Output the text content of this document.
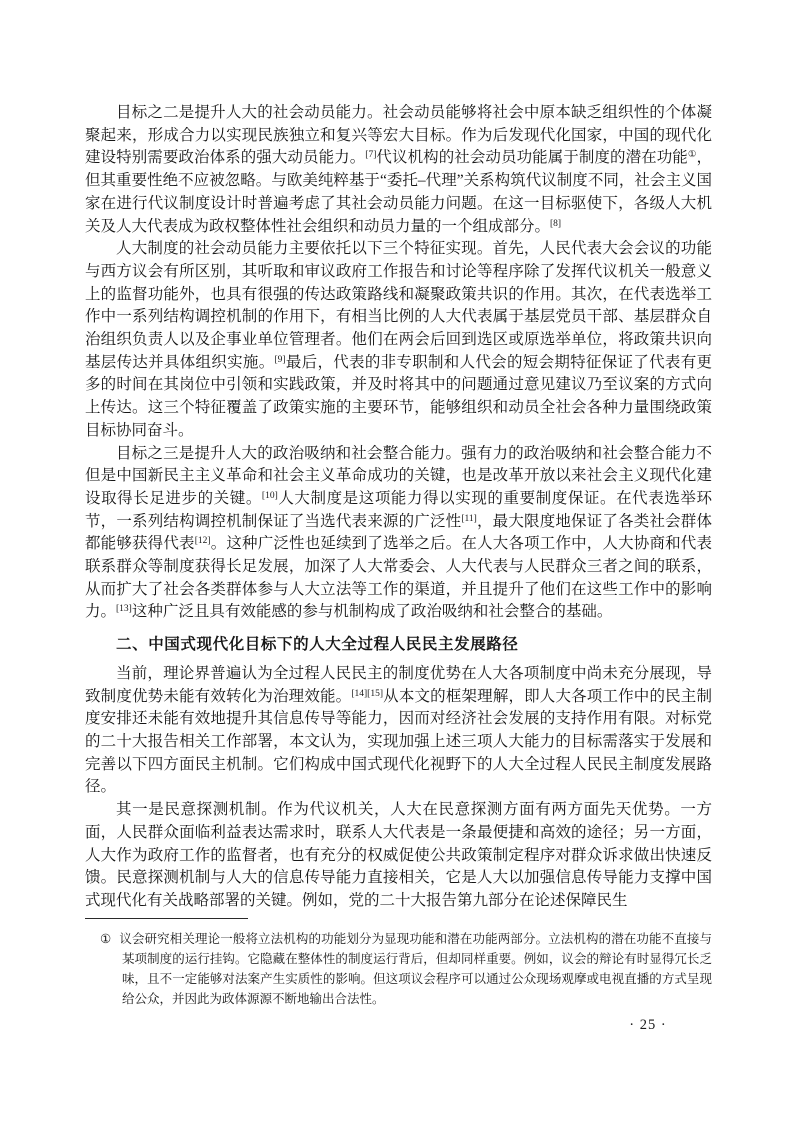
目标之二是提升人大的社会动员能力。社会动员能够将社会中原本缺乏组织性的个体凝聚起来，形成合力以实现民族独立和复兴等宏大目标。作为后发现代化国家，中国的现代化建设特别需要政治体系的强大动员能力。[7]代议机构的社会动员功能属于制度的潜在功能①，但其重要性绝不应被忽略。与欧美纯粹基于“委托–代理”关系构筑代议制度不同，社会主义国家在进行代议制度设计时普遍考虑了其社会动员能力问题。在这一目标驱使下，各级人大机关及人大代表成为政权整体性社会组织和动员力量的一个组成部分。[8]

人大制度的社会动员能力主要依托以下三个特征实现。首先，人民代表大会会议的功能与西方议会有所区别，其听取和审议政府工作报告和讨论等程序除了发挥代议机关一般意义上的监督功能外，也具有很强的传达政策路线和凝聚政策共识的作用。其次，在代表选举工作中一系列结构调控机制的作用下，有相当比例的人大代表属于基层党员干部、基层群众自治组织负责人以及企事业单位管理者。他们在两会后回到选区或原选举单位，将政策共识向基层传达并具体组织实施。[9]最后，代表的非专职制和人代会的短会期特征保证了代表有更多的时间在其岗位中引领和实践政策，并及时将其中的问题通过意见建议乃至议案的方式向上传达。这三个特征覆盖了政策实施的主要环节，能够组织和动员全社会各种力量围绕政策目标协同奋斗。

目标之三是提升人大的政治吸纳和社会整合能力。强有力的政治吸纳和社会整合能力不但是中国新民主主义革命和社会主义革命成功的关键，也是改革开放以来社会主义现代化建设取得长足进步的关键。[10]人大制度是这项能力得以实现的重要制度保证。在代表选举环节，一系列结构调控机制保证了当选代表来源的广泛性[11]，最大限度地保证了各类社会群体都能够获得代表[12]。这种广泛性也延续到了选举之后。在人大各项工作中，人大协商和代表联系群众等制度获得长足发展，加深了人大常委会、人大代表与人民群众三者之间的联系，从而扩大了社会各类群体参与人大立法等工作的渠道，并且提升了他们在这些工作中的影响力。[13]这种广泛且具有效能感的参与机制构成了政治吸纳和社会整合的基础。

二、中国式现代化目标下的人大全过程人民民主发展路径

当前，理论界普遍认为全过程人民民主的制度优势在人大各项制度中尚未充分展现，导致制度优势未能有效转化为治理效能。[14][15]从本文的框架理解，即人大各项工作中的民主制度安排还未能有效地提升其信息传导等能力，因而对经济社会发展的支持作用有限。对标党的二十大报告相关工作部署，本文认为，实现加强上述三项人大能力的目标需落实于发展和完善以下四方面民主机制。它们构成中国式现代化视野下的人大全过程人民民主制度发展路径。

其一是民意探测机制。作为代议机关，人大在民意探测方面有两方面先天优势。一方面，人民群众面临利益表达需求时，联系人大代表是一条最便捷和高效的途径；另一方面，人大作为政府工作的监督者，也有充分的权威促使公共政策制定程序对群众诉求做出快速反馈。民意探测机制与人大的信息传导能力直接相关，它是人大以加强信息传导能力支撑中国式现代化有关战略部署的关键。例如，党的二十大报告第九部分在论述保障民生

① 议会研究相关理论一般将立法机构的功能划分为显现功能和潜在功能两部分。立法机构的潜在功能不直接与某项制度的运行挂钩。它隐藏在整体性的制度运行背后，但却同样重要。例如，议会的辩论有时显得冗长乏味，且不一定能够对法案产生实质性的影响。但这项议会程序可以通过公众现场观摩或电视直播的方式呈现给公众，并因此为政体源源不断地输出合法性。

· 25 ·
